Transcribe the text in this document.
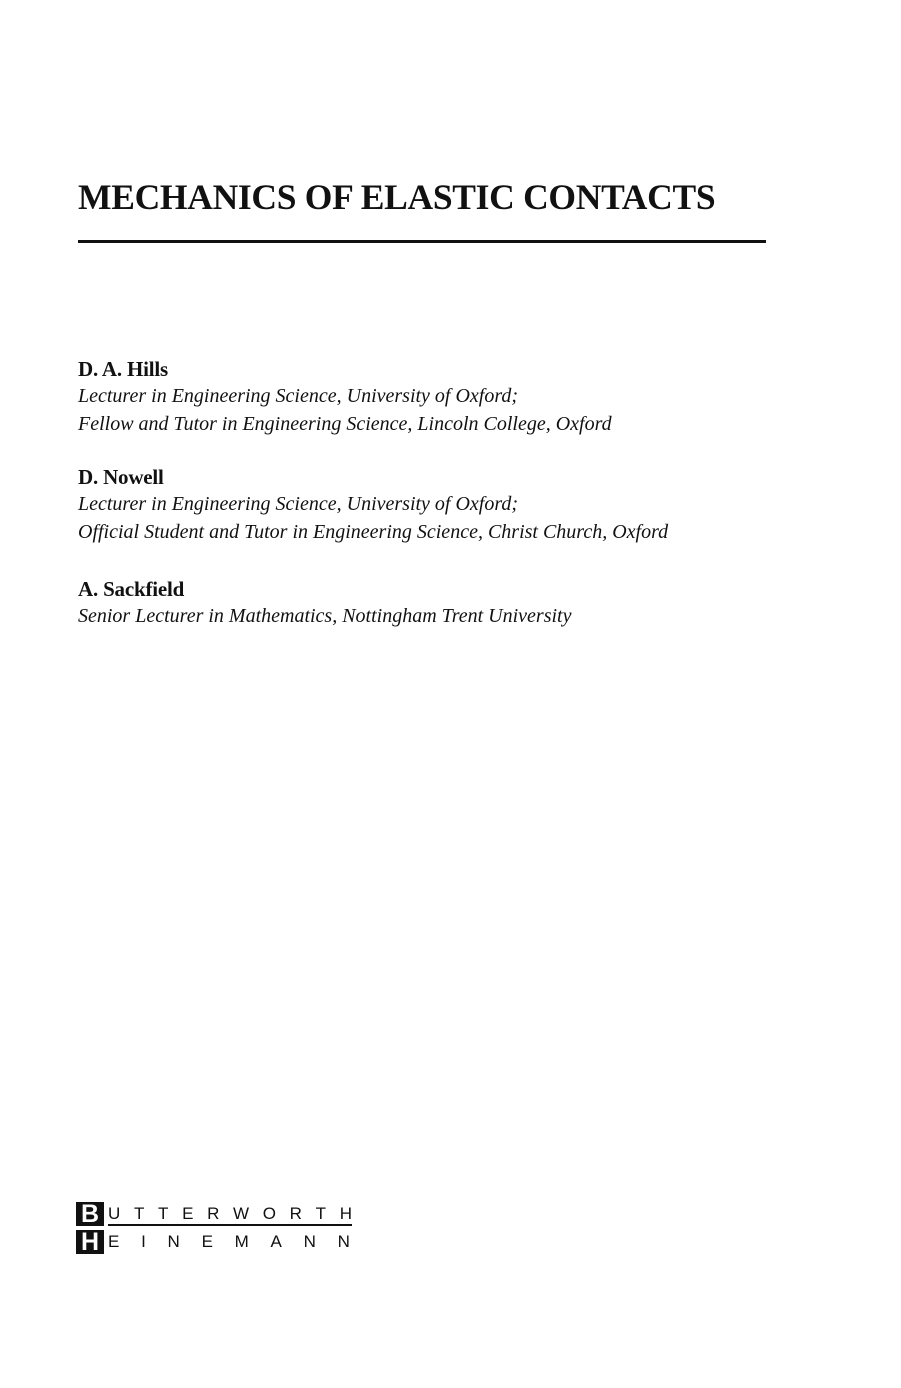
MECHANICS OF ELASTIC CONTACTS
D. A. Hills
Lecturer in Engineering Science, University of Oxford;
Fellow and Tutor in Engineering Science, Lincoln College, Oxford
D. Nowell
Lecturer in Engineering Science, University of Oxford;
Official Student and Tutor in Engineering Science, Christ Church, Oxford
A. Sackfield
Senior Lecturer in Mathematics, Nottingham Trent University
B U T T E R W O R T H
H E I N E M A N N
